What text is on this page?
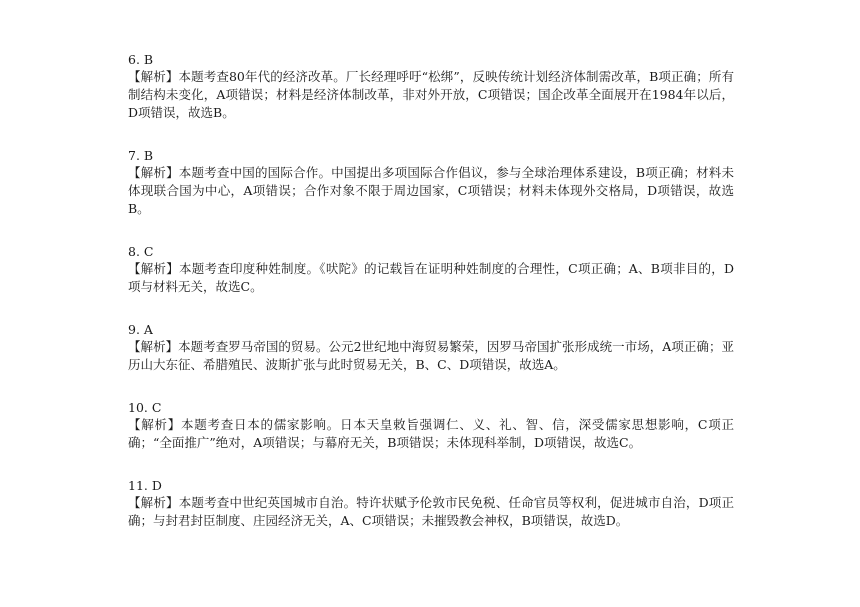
6. B

【解析】本题考查80年代的经济改革。厂长经理呼吁“松绑”，反映传统计划经济体制需改革，B项正确；所有制结构未变化，A项错误；材料是经济体制改革，非对外开放，C项错误；国企改革全面展开在1984年以后，D项错误，故选B。

7. B

【解析】本题考查中国的国际合作。中国提出多项国际合作倡议，参与全球治理体系建设，B项正确；材料未体现联合国为中心，A项错误；合作对象不限于周边国家，C项错误；材料未体现外交格局，D项错误，故选B。

8. C

【解析】本题考查印度种姓制度。《吠陀》的记载旨在证明种姓制度的合理性，C项正确；A、B项非目的，D项与材料无关，故选C。

9. A

【解析】本题考查罗马帝国的贸易。公元2世纪地中海贸易繁荣，因罗马帝国扩张形成统一市场，A项正确；亚历山大东征、希腊殖民、波斯扩张与此时贸易无关，B、C、D项错误，故选A。

10. C

【解析】本题考查日本的儒家影响。日本天皇敕旨强调仁、义、礼、智、信，深受儒家思想影响，C项正确；“全面推广”绝对，A项错误；与幕府无关，B项错误；未体现科举制，D项错误，故选C。

11. D

【解析】本题考查中世纪英国城市自治。特许状赋予伦敦市民免税、任命官员等权利，促进城市自治，D项正确；与封君封臣制度、庄园经济无关，A、C项错误；未摧毁教会神权，B项错误，故选D。
